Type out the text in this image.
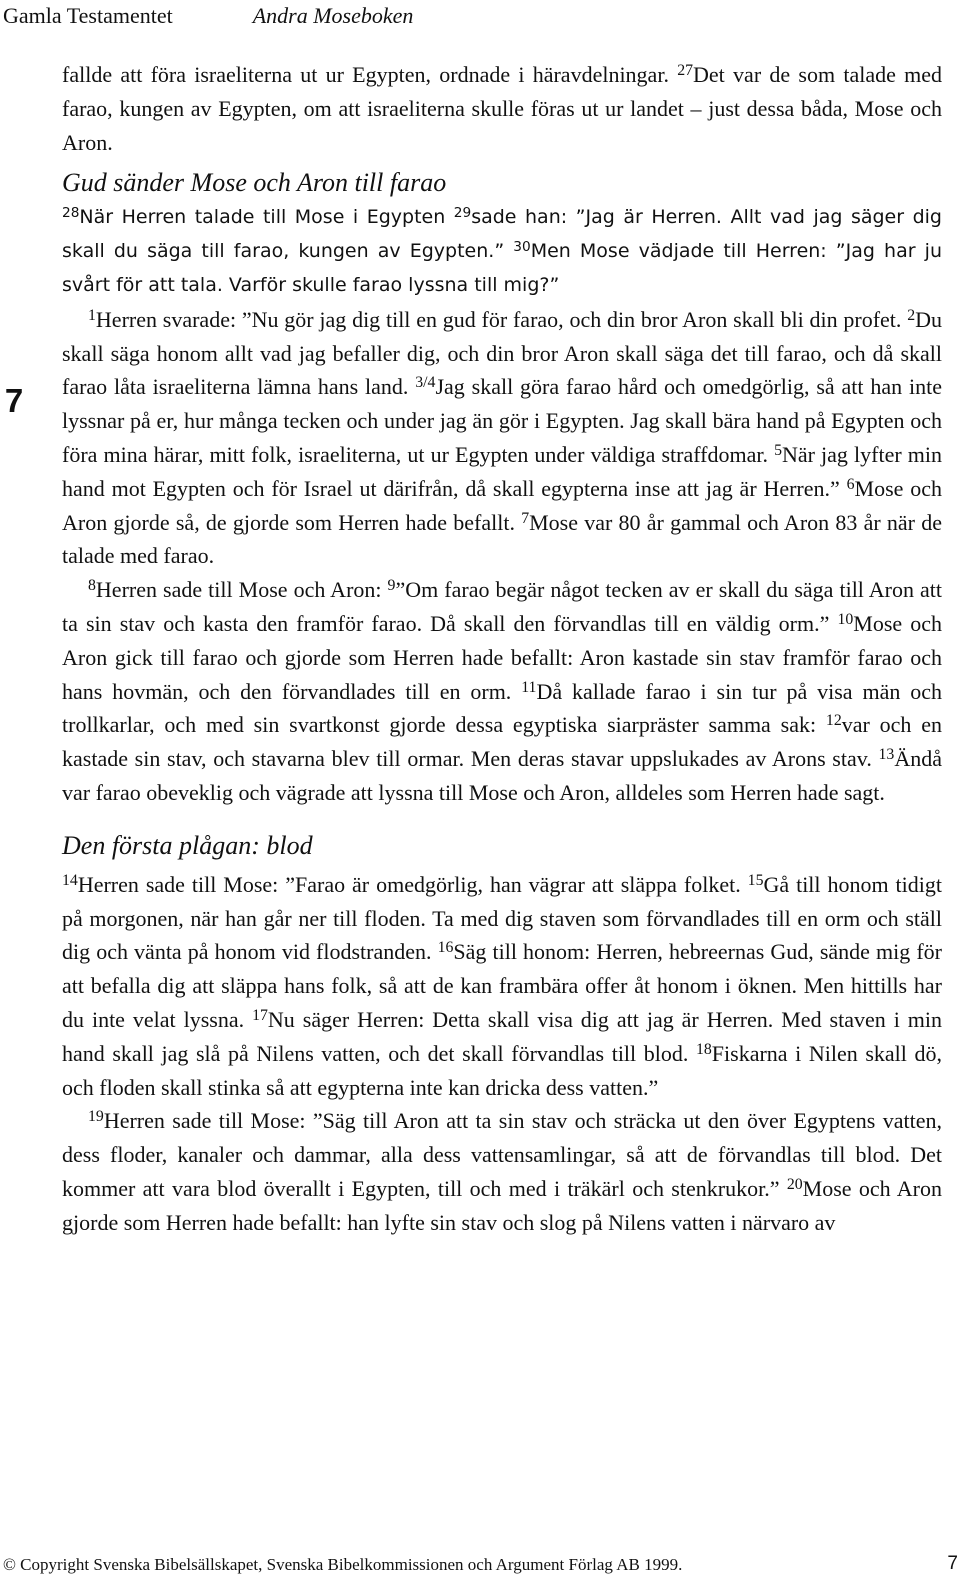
Gamla Testamentet	Andra Moseboken
7

fallde att föra israeliterna ut ur Egypten, ordnade i häravdelningar. $^{27}$Det var de som talade med farao, kungen av Egypten, om att israeliterna skulle föras ut ur landet – just dessa båda, Mose och Aron.

Gud sänder Mose och Aron till farao

$^{28}$När Herren talade till Mose i Egypten $^{29}$sade han: ”Jag är Herren. Allt vad jag säger dig skall du säga till farao, kungen av Egypten.” $^{30}$Men Mose vädjade till Herren: ”Jag har ju svårt för att tala. Varför skulle farao lyssna till mig?”

$^1$Herren svarade: ”Nu gör jag dig till en gud för farao, och din bror Aron skall bli din profet. $^2$Du skall säga honom allt vad jag befaller dig, och din bror Aron skall säga det till farao, och då skall farao låta israeliterna lämna hans land. $^{3/4}$Jag skall göra farao hård och omedgörlig, så att han inte lyssnar på er, hur många tecken och under jag än gör i Egypten. Jag skall bära hand på Egypten och föra mina härar, mitt folk, israeliterna, ut ur Egypten under väldiga straffdomar. $^5$När jag lyfter min hand mot Egypten och för Israel ut därifrån, då skall egypterna inse att jag är Herren.” $^6$Mose och Aron gjorde så, de gjorde som Herren hade befallt. $^7$Mose var 80 år gammal och Aron 83 år när de talade med farao.

$^8$Herren sade till Mose och Aron: $^9$”Om farao begär något tecken av er skall du säga till Aron att ta sin stav och kasta den framför farao. Då skall den förvandlas till en väldig orm.” $^{10}$Mose och Aron gick till farao och gjorde som Herren hade befallt: Aron kastade sin stav framför farao och hans hovmän, och den förvandlades till en orm. $^{11}$Då kallade farao i sin tur på visa män och trollkarlar, och med sin svartkonst gjorde dessa egyptiska siarpräster samma sak: $^{12}$var och en kastade sin stav, och stavarna blev till ormar. Men deras stavar uppslukades av Arons stav. $^{13}$Ändå var farao obeveklig och vägrade att lyssna till Mose och Aron, alldeles som Herren hade sagt.

Den första plågan: blod

$^{14}$Herren sade till Mose: ”Farao är omedgörlig, han vägrar att släppa folket. $^{15}$Gå till honom tidigt på morgonen, när han går ner till floden. Ta med dig staven som förvandlades till en orm och ställ dig och vänta på honom vid flodstranden. $^{16}$Säg till honom: Herren, hebreernas Gud, sände mig för att befalla dig att släppa hans folk, så att de kan frambära offer åt honom i öknen. Men hittills har du inte velat lyssna. $^{17}$Nu säger Herren: Detta skall visa dig att jag är Herren. Med staven i min hand skall jag slå på Nilens vatten, och det skall förvandlas till blod. $^{18}$Fiskarna i Nilen skall dö, och floden skall stinka så att egypterna inte kan dricka dess vatten.”

$^{19}$Herren sade till Mose: ”Säg till Aron att ta sin stav och sträcka ut den över Egyptens vatten, dess floder, kanaler och dammar, alla dess vattensamlingar, så att de förvandlas till blod. Det kommer att vara blod överallt i Egypten, till och med i träkärl och stenkrukor.” $^{20}$Mose och Aron gjorde som Herren hade befallt: han lyfte sin stav och slog på Nilens vatten i närvaro av

© Copyright Svenska Bibelsällskapet, Svenska Bibelkommissionen och Argument Förlag AB 1999.	7
